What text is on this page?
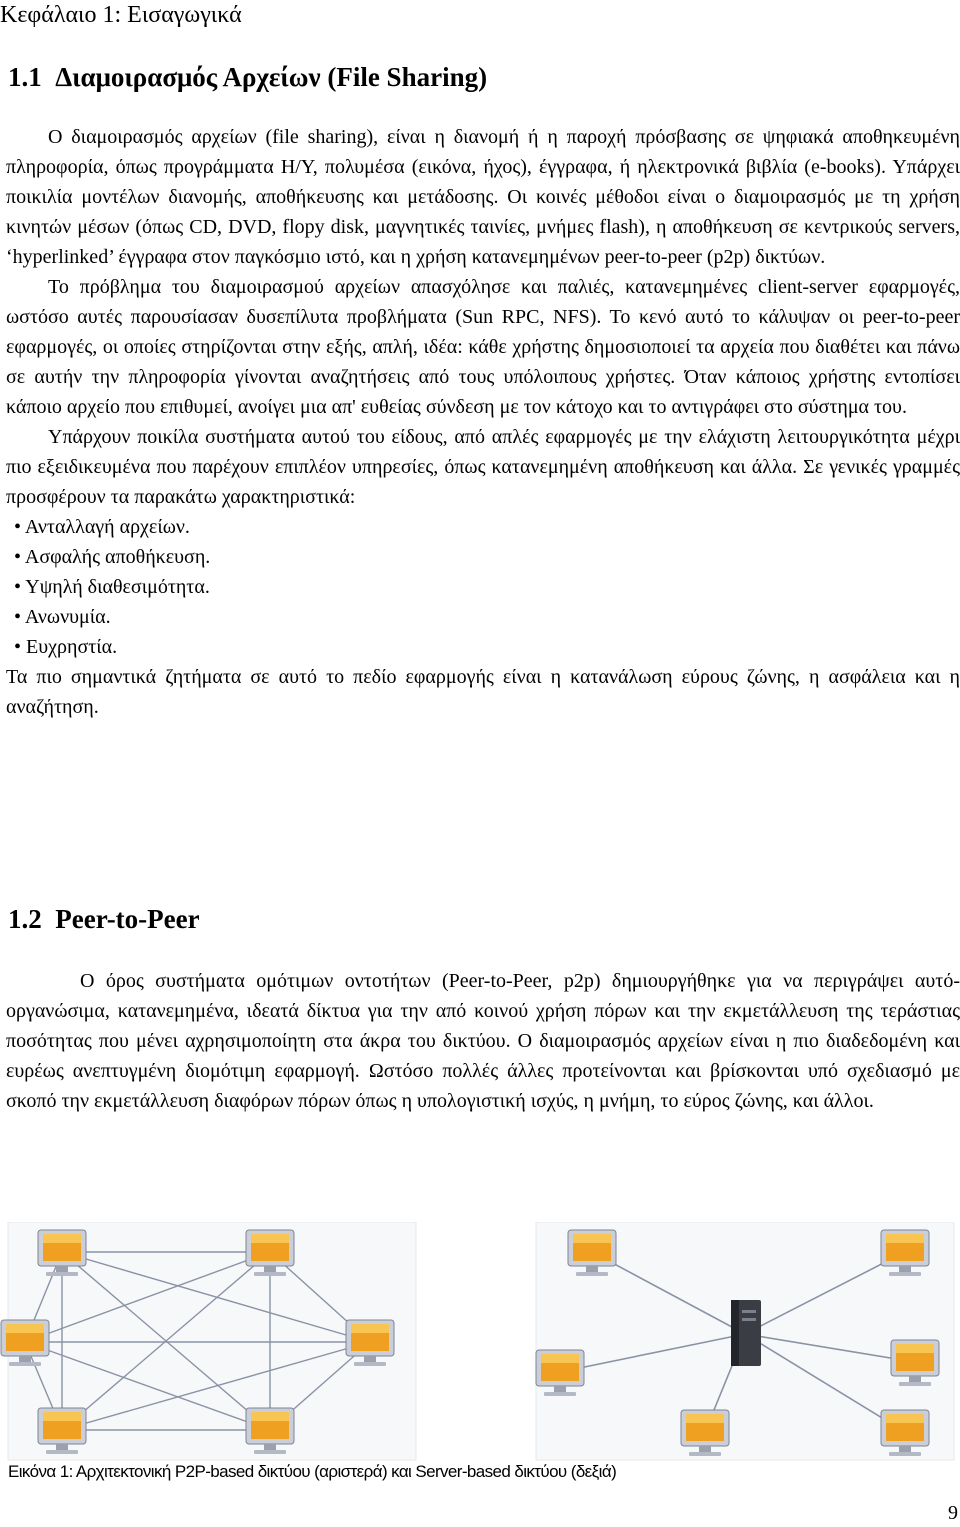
Κεφάλαιο 1: Εισαγωγικά
1.1 Διαμοιρασμός Αρχείων (File Sharing)

Ο διαμοιρασμός αρχείων (file sharing), είναι η διανομή ή η παροχή πρόσβασης σε ψηφιακά αποθηκευμένη πληροφορία, όπως προγράμματα Η/Υ, πολυμέσα (εικόνα, ήχος), έγγραφα, ή ηλεκτρονικά βιβλία (e-books). Υπάρχει ποικιλία μοντέλων διανομής, αποθήκευσης και μετάδοσης. Οι κοινές μέθοδοι είναι ο διαμοιρασμός με τη χρήση κινητών μέσων (όπως CD, DVD, flopy disk, μαγνητικές ταινίες, μνήμες flash), η αποθήκευση σε κεντρικούς servers, ‘hyperlinked’ έγγραφα στον παγκόσμιο ιστό, και η χρήση κατανεμημένων peer-to-peer (p2p) δικτύων.

Το πρόβλημα του διαμοιρασμού αρχείων απασχόλησε και παλιές, κατανεμημένες client-server εφαρμογές, ωστόσο αυτές παρουσίασαν δυσεπίλυτα προβλήματα (Sun RPC, NFS). Το κενό αυτό το κάλυψαν οι peer-to-peer εφαρμογές, οι οποίες στηρίζονται στην εξής, απλή, ιδέα: κάθε χρήστης δημοσιοποιεί τα αρχεία που διαθέτει και πάνω σε αυτήν την πληροφορία γίνονται αναζητήσεις από τους υπόλοιπους χρήστες. Όταν κάποιος χρήστης εντοπίσει κάποιο αρχείο που επιθυμεί, ανοίγει μια απ' ευθείας σύνδεση με τον κάτοχο και το αντιγράφει στο σύστημα του.

Υπάρχουν ποικίλα συστήματα αυτού του είδους, από απλές εφαρμογές με την ελάχιστη λειτουργικότητα μέχρι πιο εξειδικευμένα που παρέχουν επιπλέον υπηρεσίες, όπως κατανεμημένη αποθήκευση και άλλα. Σε γενικές γραμμές προσφέρουν τα παρακάτω χαρακτηριστικά:

• Ανταλλαγή αρχείων.
• Ασφαλής αποθήκευση.
• Υψηλή διαθεσιμότητα.
• Ανωνυμία.
• Ευχρηστία.

Τα πιο σημαντικά ζητήματα σε αυτό το πεδίο εφαρμογής είναι η κατανάλωση εύρους ζώνης, η ασφάλεια και η αναζήτηση.

1.2 Peer-to-Peer

Ο όρος συστήματα ομότιμων οντοτήτων (Peer-to-Peer, p2p) δημιουργήθηκε για να περιγράψει αυτό-οργανώσιμα, κατανεμημένα, ιδεατά δίκτυα για την από κοινού χρήση πόρων και την εκμετάλλευση της τεράστιας ποσότητας που μένει αχρησιμοποίητη στα άκρα του δικτύου. Ο διαμοιρασμός αρχείων είναι η πιο διαδεδομένη και ευρέως ανεπτυγμένη διομότιμη εφαρμογή. Ωστόσο πολλές άλλες προτείνονται και βρίσκονται υπό σχεδιασμό με σκοπό την εκμετάλλευση διαφόρων πόρων όπως η υπολογιστική ισχύς, η μνήμη, το εύρος ζώνης, και άλλοι.

Εικόνα 1: Αρχιτεκτονική P2P-based δικτύου (αριστερά) και Server-based δικτύου (δεξιά)

9
